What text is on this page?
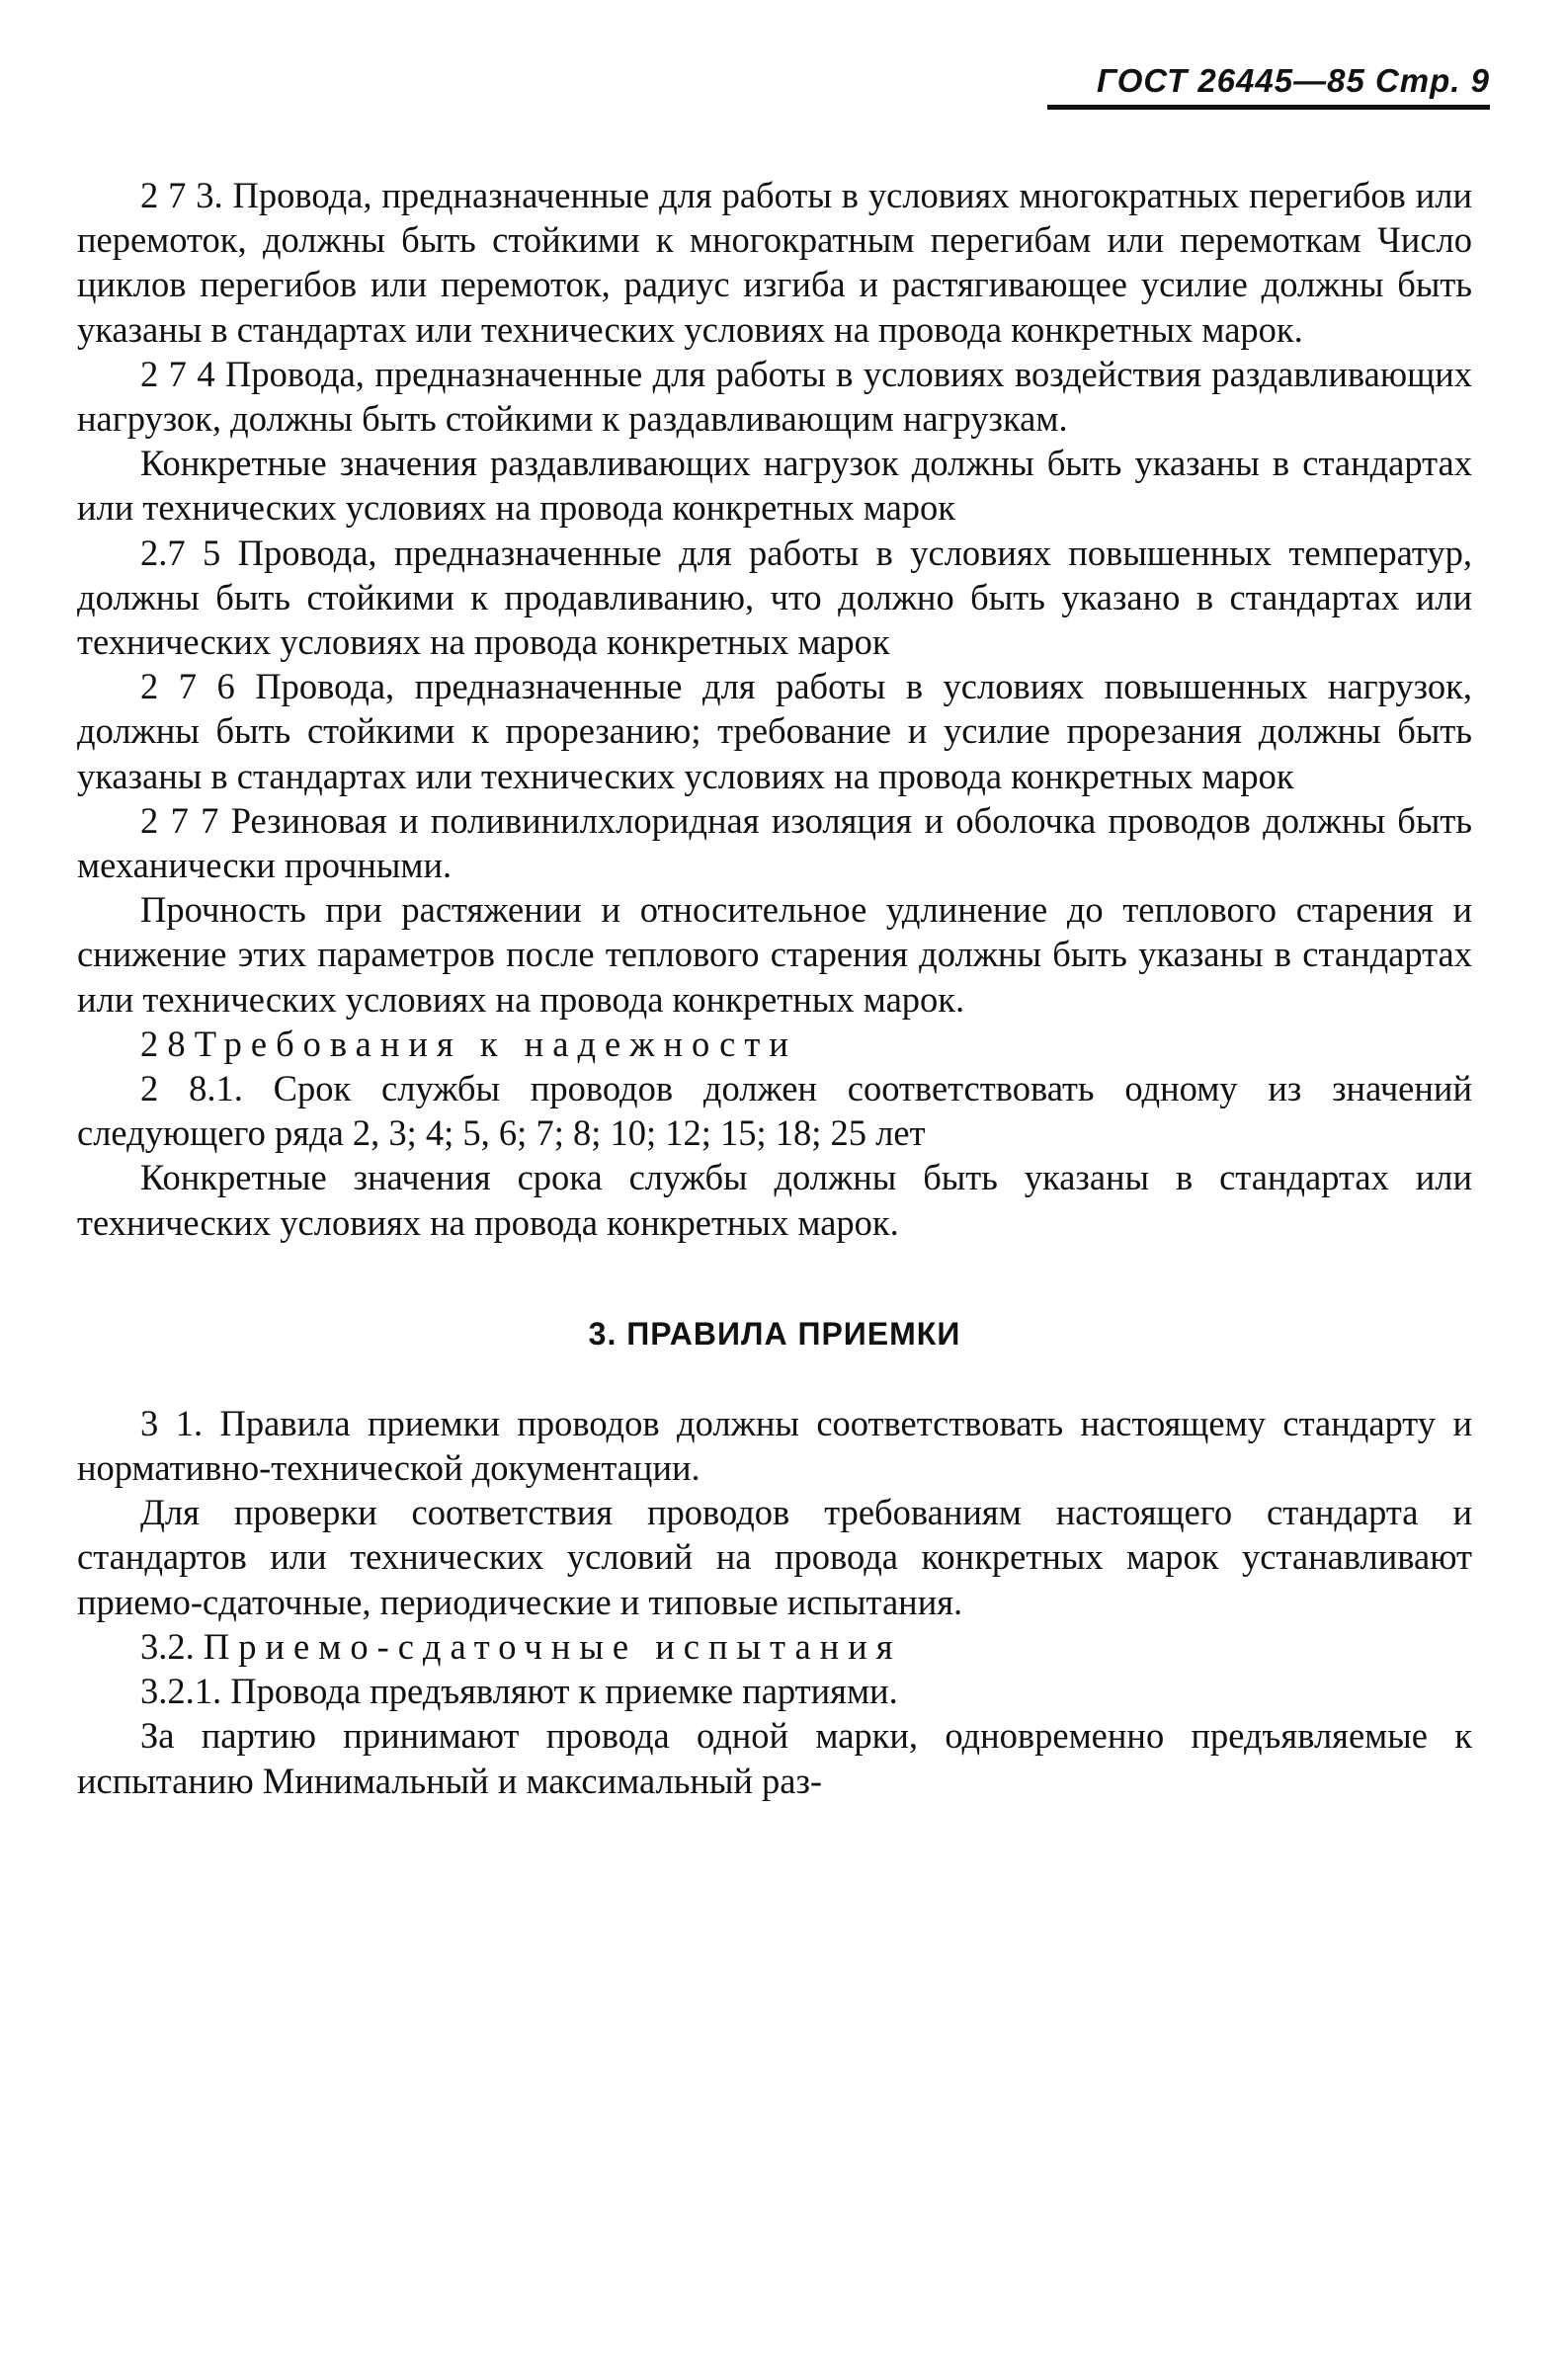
ГОСТ 26445—85 Стр. 9

2 7 3. Провода, предназначенные для работы в условиях многократных перегибов или перемоток, должны быть стойкими к многократным перегибам или перемоткам Число циклов перегибов или перемоток, радиус изгиба и растягивающее усилие должны быть указаны в стандартах или технических условиях на провода конкретных марок.

2 7 4 Провода, предназначенные для работы в условиях воздействия раздавливающих нагрузок, должны быть стойкими к раздавливающим нагрузкам.

Конкретные значения раздавливающих нагрузок должны быть указаны в стандартах или технических условиях на провода конкретных марок

2.7 5 Провода, предназначенные для работы в условиях повышенных температур, должны быть стойкими к продавливанию, что должно быть указано в стандартах или технических условиях на провода конкретных марок

2 7 6 Провода, предназначенные для работы в условиях повышенных нагрузок, должны быть стойкими к прорезанию; требование и усилие прорезания должны быть указаны в стандартах или технических условиях на провода конкретных марок

2 7 7 Резиновая и поливинилхлоридная изоляция и оболочка проводов должны быть механически прочными.

Прочность при растяжении и относительное удлинение до теплового старения и снижение этих параметров после теплового старения должны быть указаны в стандартах или технических условиях на провода конкретных марок.

2 8 Требования к надежности

2 8.1. Срок службы проводов должен соответствовать одному из значений следующего ряда 2, 3; 4; 5, 6; 7; 8; 10; 12; 15; 18; 25 лет

Конкретные значения срока службы должны быть указаны в стандартах или технических условиях на провода конкретных марок.

3. ПРАВИЛА ПРИЕМКИ

3 1. Правила приемки проводов должны соответствовать настоящему стандарту и нормативно-технической документации.

Для проверки соответствия проводов требованиям настоящего стандарта и стандартов или технических условий на провода конкретных марок устанавливают приемо-сдаточные, периодические и типовые испытания.

3.2. Приемо-сдаточные испытания

3.2.1. Провода предъявляют к приемке партиями.

За партию принимают провода одной марки, одновременно предъявляемые к испытанию Минимальный и максимальный раз-
